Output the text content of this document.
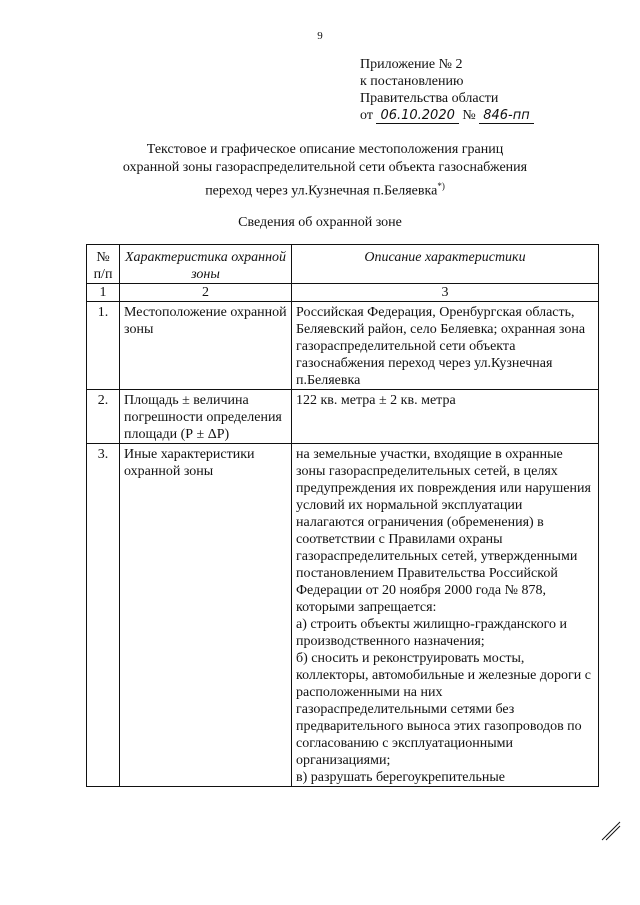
9
Приложение № 2
к постановлению
Правительства области
от 06.10.2020 № 846-пп
Текстовое и графическое описание местоположения границ
охранной зоны газораспределительной сети объекта газоснабжения
переход через ул.Кузнечная п.Беляевка*)
Сведения об охранной зоне
№ п/п	Характеристика охранной зоны	Описание характеристики
1	2	3
1.	Местоположение охранной зоны	Российская Федерация, Оренбургская область, Беляевский район, село Беляевка; охранная зона газораспределительной сети объекта газоснабжения переход через ул.Кузнечная п.Беляевка
2.	Площадь ± величина погрешности определения площади (Р ± ΔР)	122 кв. метра ± 2 кв. метра
3.	Иные характеристики охранной зоны	на земельные участки, входящие в охранные зоны газораспределительных сетей, в целях предупреждения их повреждения или нарушения условий их нормальной эксплуатации налагаются ограничения (обременения) в соответствии с Правилами охраны газораспределительных сетей, утвержденными постановлением Правительства Российской Федерации от 20 ноября 2000 года № 878, которыми запрещается:
а) строить объекты жилищно-гражданского и производственного назначения;
б) сносить и реконструировать мосты, коллекторы, автомобильные и железные дороги с расположенными на них газораспределительными сетями без предварительного выноса этих газопроводов по согласованию с эксплуатационными организациями;
в) разрушать берегоукрепительные
